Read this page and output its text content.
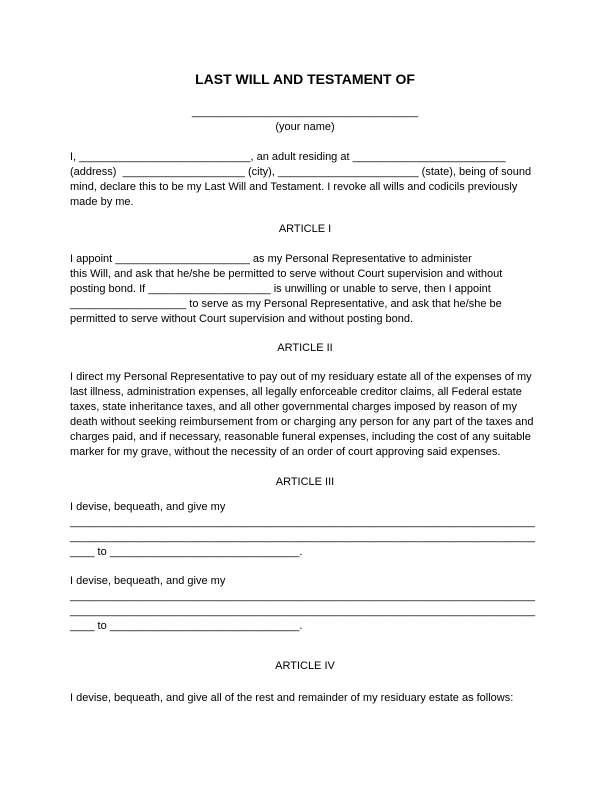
LAST WILL AND TESTAMENT OF
_____________________________________
(your name)
I, ____________________________, an adult residing at _________________________
(address)  ____________________ (city), _______________________ (state), being of sound
mind, declare this to be my Last Will and Testament. I revoke all wills and codicils previously
made by me.
ARTICLE I
I appoint ______________________ as my Personal Representative to administer
this Will, and ask that he/she be permitted to serve without Court supervision and without
posting bond. If ____________________ is unwilling or unable to serve, then I appoint
___________________ to serve as my Personal Representative, and ask that he/she be
permitted to serve without Court supervision and without posting bond.
ARTICLE II
I direct my Personal Representative to pay out of my residuary estate all of the expenses of my
last illness, administration expenses, all legally enforceable creditor claims, all Federal estate
taxes, state inheritance taxes, and all other governmental charges imposed by reason of my
death without seeking reimbursement from or charging any person for any part of the taxes and
charges paid, and if necessary, reasonable funeral expenses, including the cost of any suitable
marker for my grave, without the necessity of an order of court approving said expenses.
ARTICLE III
I devise, bequeath, and give my
____________________________________________________________________________
____________________________________________________________________________
____ to _______________________________.
I devise, bequeath, and give my
____________________________________________________________________________
____________________________________________________________________________
____ to _______________________________.
ARTICLE IV
I devise, bequeath, and give all of the rest and remainder of my residuary estate as follows:
